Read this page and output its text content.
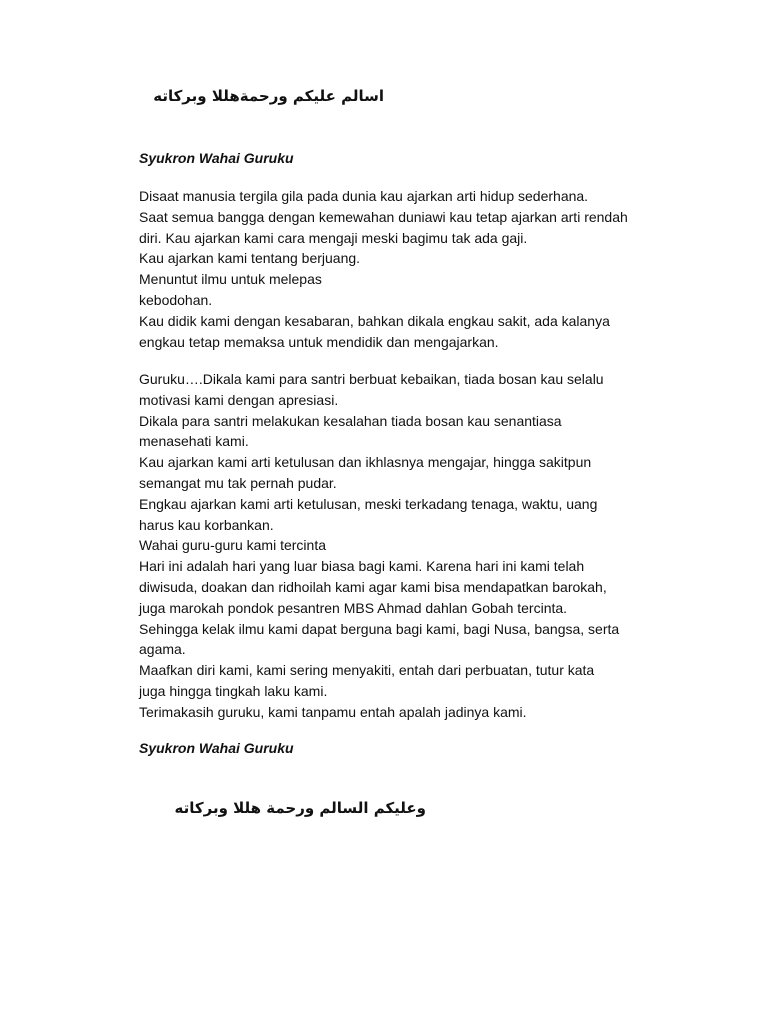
اسالم عليكم ورحمةهللا وبركاته
Syukron Wahai Guruku
Disaat manusia tergila gila pada dunia kau ajarkan arti hidup sederhana.
Saat semua bangga dengan kemewahan duniawi kau tetap ajarkan arti rendah
diri. Kau ajarkan kami cara mengaji meski bagimu tak ada gaji.
Kau ajarkan kami tentang berjuang.
Menuntut ilmu untuk melepas
kebodohan.
Kau didik kami dengan kesabaran, bahkan dikala engkau sakit, ada kalanya
engkau tetap memaksa untuk mendidik dan mengajarkan.
Guruku….Dikala kami para santri berbuat kebaikan, tiada bosan kau selalu
motivasi kami dengan apresiasi.
Dikala para santri melakukan kesalahan tiada bosan kau senantiasa
menasehati kami.
Kau ajarkan kami arti ketulusan dan ikhlasnya mengajar, hingga sakitpun
semangat mu tak pernah pudar.
Engkau ajarkan kami arti ketulusan, meski terkadang tenaga, waktu, uang
harus kau korbankan.
Wahai guru-guru kami tercinta
Hari ini adalah hari yang luar biasa bagi kami. Karena hari ini kami telah
diwisuda, doakan dan ridhoilah kami agar kami bisa mendapatkan barokah,
juga marokah pondok pesantren MBS Ahmad dahlan Gobah tercinta.
Sehingga kelak ilmu kami dapat berguna bagi kami, bagi Nusa, bangsa, serta
agama.
Maafkan diri kami, kami sering menyakiti, entah dari perbuatan, tutur kata
juga hingga tingkah laku kami.
Terimakasih guruku, kami tanpamu entah apalah jadinya kami.
Syukron Wahai Guruku
وعليكم السالم ورحمة هللا وبركاته
